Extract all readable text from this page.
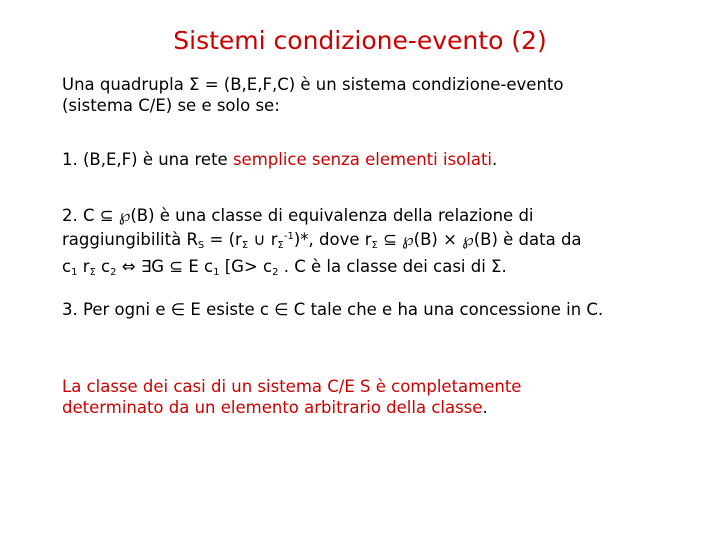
Sistemi condizione-evento (2)
Una quadrupla Σ = (B,E,F,C) è un sistema condizione-evento
(sistema C/E) se e solo se:
1. (B,E,F) è una rete semplice senza elementi isolati.
2. C ⊆ ℘(B) è una classe di equivalenza della relazione di
raggiungibilità $R_S = (r_\Sigma$ ∪ $r_\Sigma^{-1})*$, dove $r_\Sigma$ ⊆ ℘(B) × ℘(B) è data da
$c_1$ $r_\Sigma$ $c_2$ ⇔ ∃G ⊆ E $c_1$ [$G> c_2$ . C è la classe dei casi di Σ.
3. Per ogni e ∈ E esiste c ∈ C tale che e ha una concessione in C.
La classe dei casi di un sistema C/E S è completamente
determinato da un elemento arbitrario della classe.
